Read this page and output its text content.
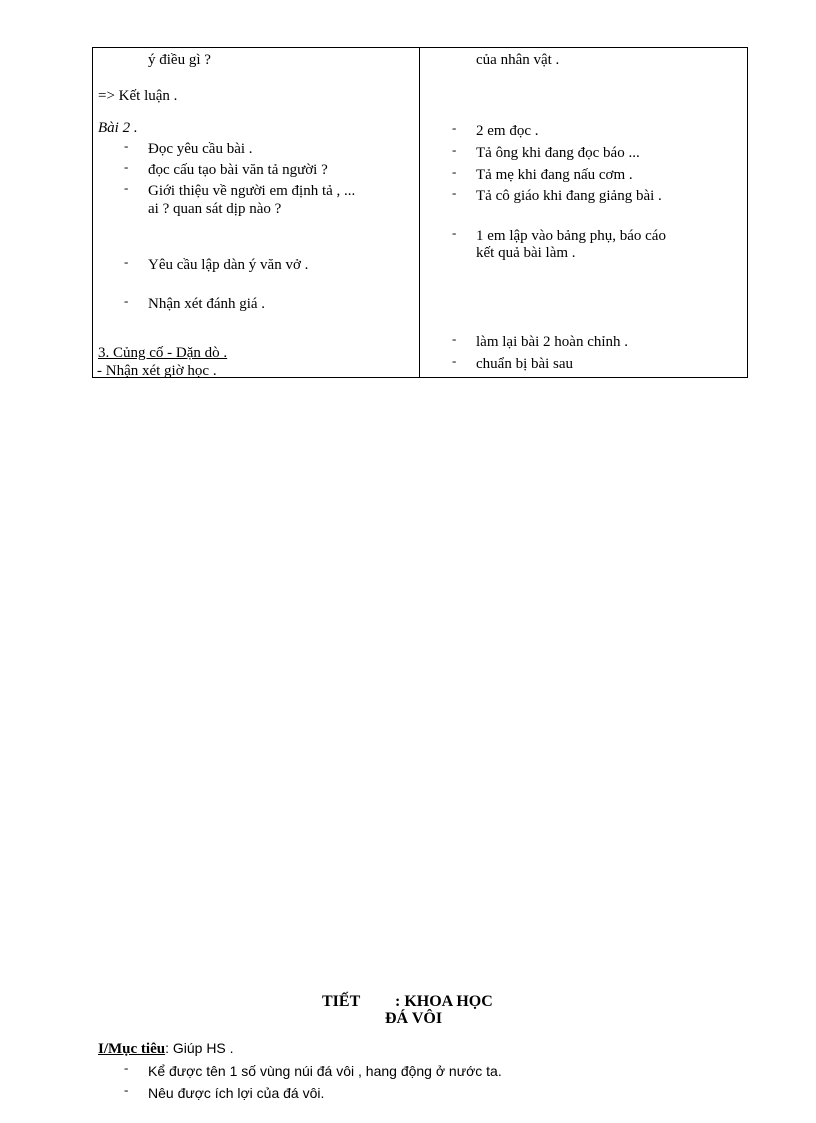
ý điều gì ?
=> Kết luận .
Bài 2 .
- Đọc yêu cầu bài .
- đọc cấu tạo bài văn tả người ?
- Giới thiệu về người em định tả , ...
ai ? quan sát dịp nào ?
- Yêu cầu lập dàn ý văn vở .
- Nhận xét đánh giá .
3. Củng cố - Dặn dò .
- Nhận xét giờ học .
của nhân vật .
- 2 em đọc .
- Tả ông khi đang đọc báo ...
- Tả mẹ khi đang nấu cơm .
- Tả cô giáo khi đang giảng bài .
- 1 em lập vào bảng phụ, báo cáo
kết quả bài làm .
- làm lại bài 2 hoàn chỉnh .
- chuẩn bị bài sau
TIẾT : KHOA HỌC
ĐÁ VÔI
I/Mục tiêu: Giúp HS .
- Kể được tên 1 số vùng núi đá vôi , hang động ở nước ta.
- Nêu được ích lợi của đá vôi.
